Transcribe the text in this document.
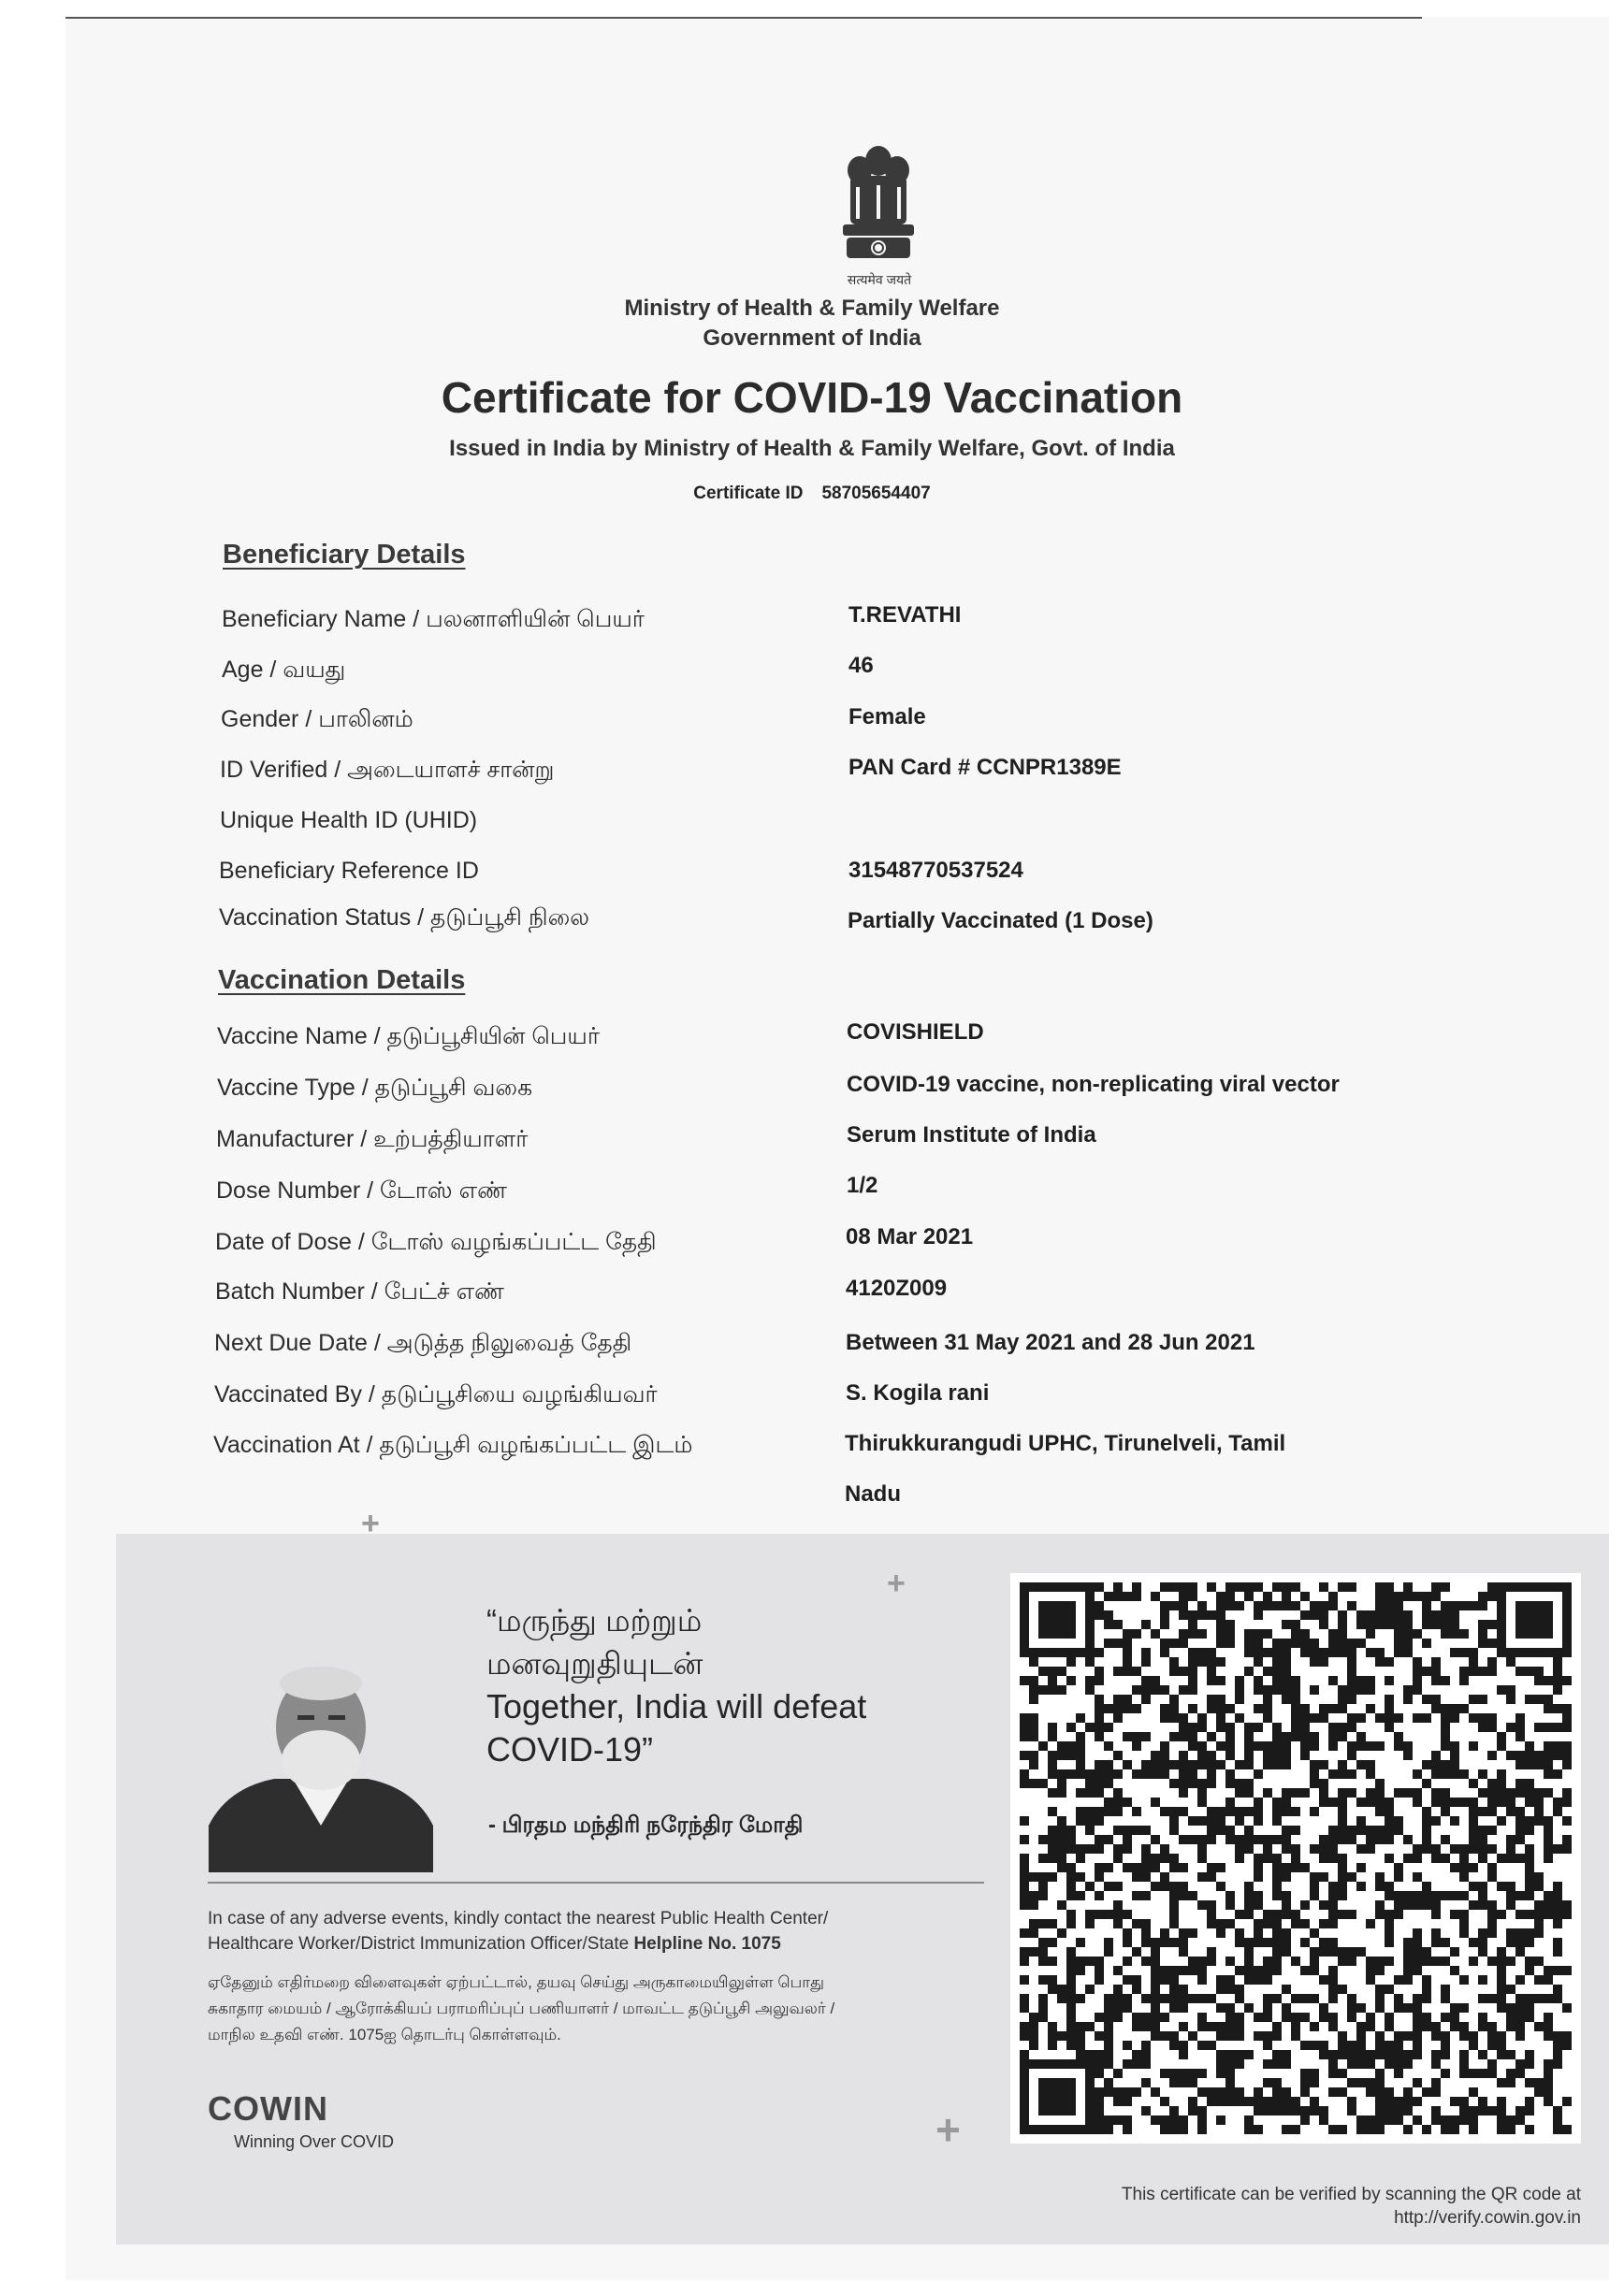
सत्यमेव जयते
Ministry of Health & Family Welfare
Government of India
Certificate for COVID-19 Vaccination
Issued in India by Ministry of Health & Family Welfare, Govt. of India
Certificate ID 58705654407
Beneficiary Details
Beneficiary Name / பலனாளியின் பெயர்	T.REVATHI
Age / வயது	46
Gender / பாலினம்	Female
ID Verified / அடையாளச் சான்று	PAN Card # CCNPR1389E
Unique Health ID (UHID)
Beneficiary Reference ID	31548770537524
Vaccination Status / தடுப்பூசி நிலை	Partially Vaccinated (1 Dose)
Vaccination Details
Vaccine Name / தடுப்பூசியின் பெயர்	COVISHIELD
Vaccine Type / தடுப்பூசி வகை	COVID-19 vaccine, non-replicating viral vector
Manufacturer / உற்பத்தியாளர்	Serum Institute of India
Dose Number / டோஸ் எண்	1/2
Date of Dose / டோஸ் வழங்கப்பட்ட தேதி	08 Mar 2021
Batch Number / பேட்ச் எண்	4120Z009
Next Due Date / அடுத்த நிலுவைத் தேதி	Between 31 May 2021 and 28 Jun 2021
Vaccinated By / தடுப்பூசியை வழங்கியவர்	S. Kogila rani
Vaccination At / தடுப்பூசி வழங்கப்பட்ட இடம்	Thirukkurangudi UPHC, Tirunelveli, Tamil
Nadu
+
+
+
“மருந்து மற்றும்
மனவுறுதியுடன்
Together, India will defeat
COVID-19”
- பிரதம மந்திரி நரேந்திர மோதி
In case of any adverse events, kindly contact the nearest Public Health Center/
Healthcare Worker/District Immunization Officer/State Helpline No. 1075
ஏதேனும் எதிர்மறை விளைவுகள் ஏற்பட்டால், தயவு செய்து அருகாமையிலுள்ள பொது
சுகாதார மையம் / ஆரோக்கியப் பராமரிப்புப் பணியாளர் / மாவட்ட தடுப்பூசி அலுவலர் /
மாநில உதவி எண். 1075ஐ தொடர்பு கொள்ளவும்.
COWIN
Winning Over COVID
This certificate can be verified by scanning the QR code at
http://verify.cowin.gov.in
